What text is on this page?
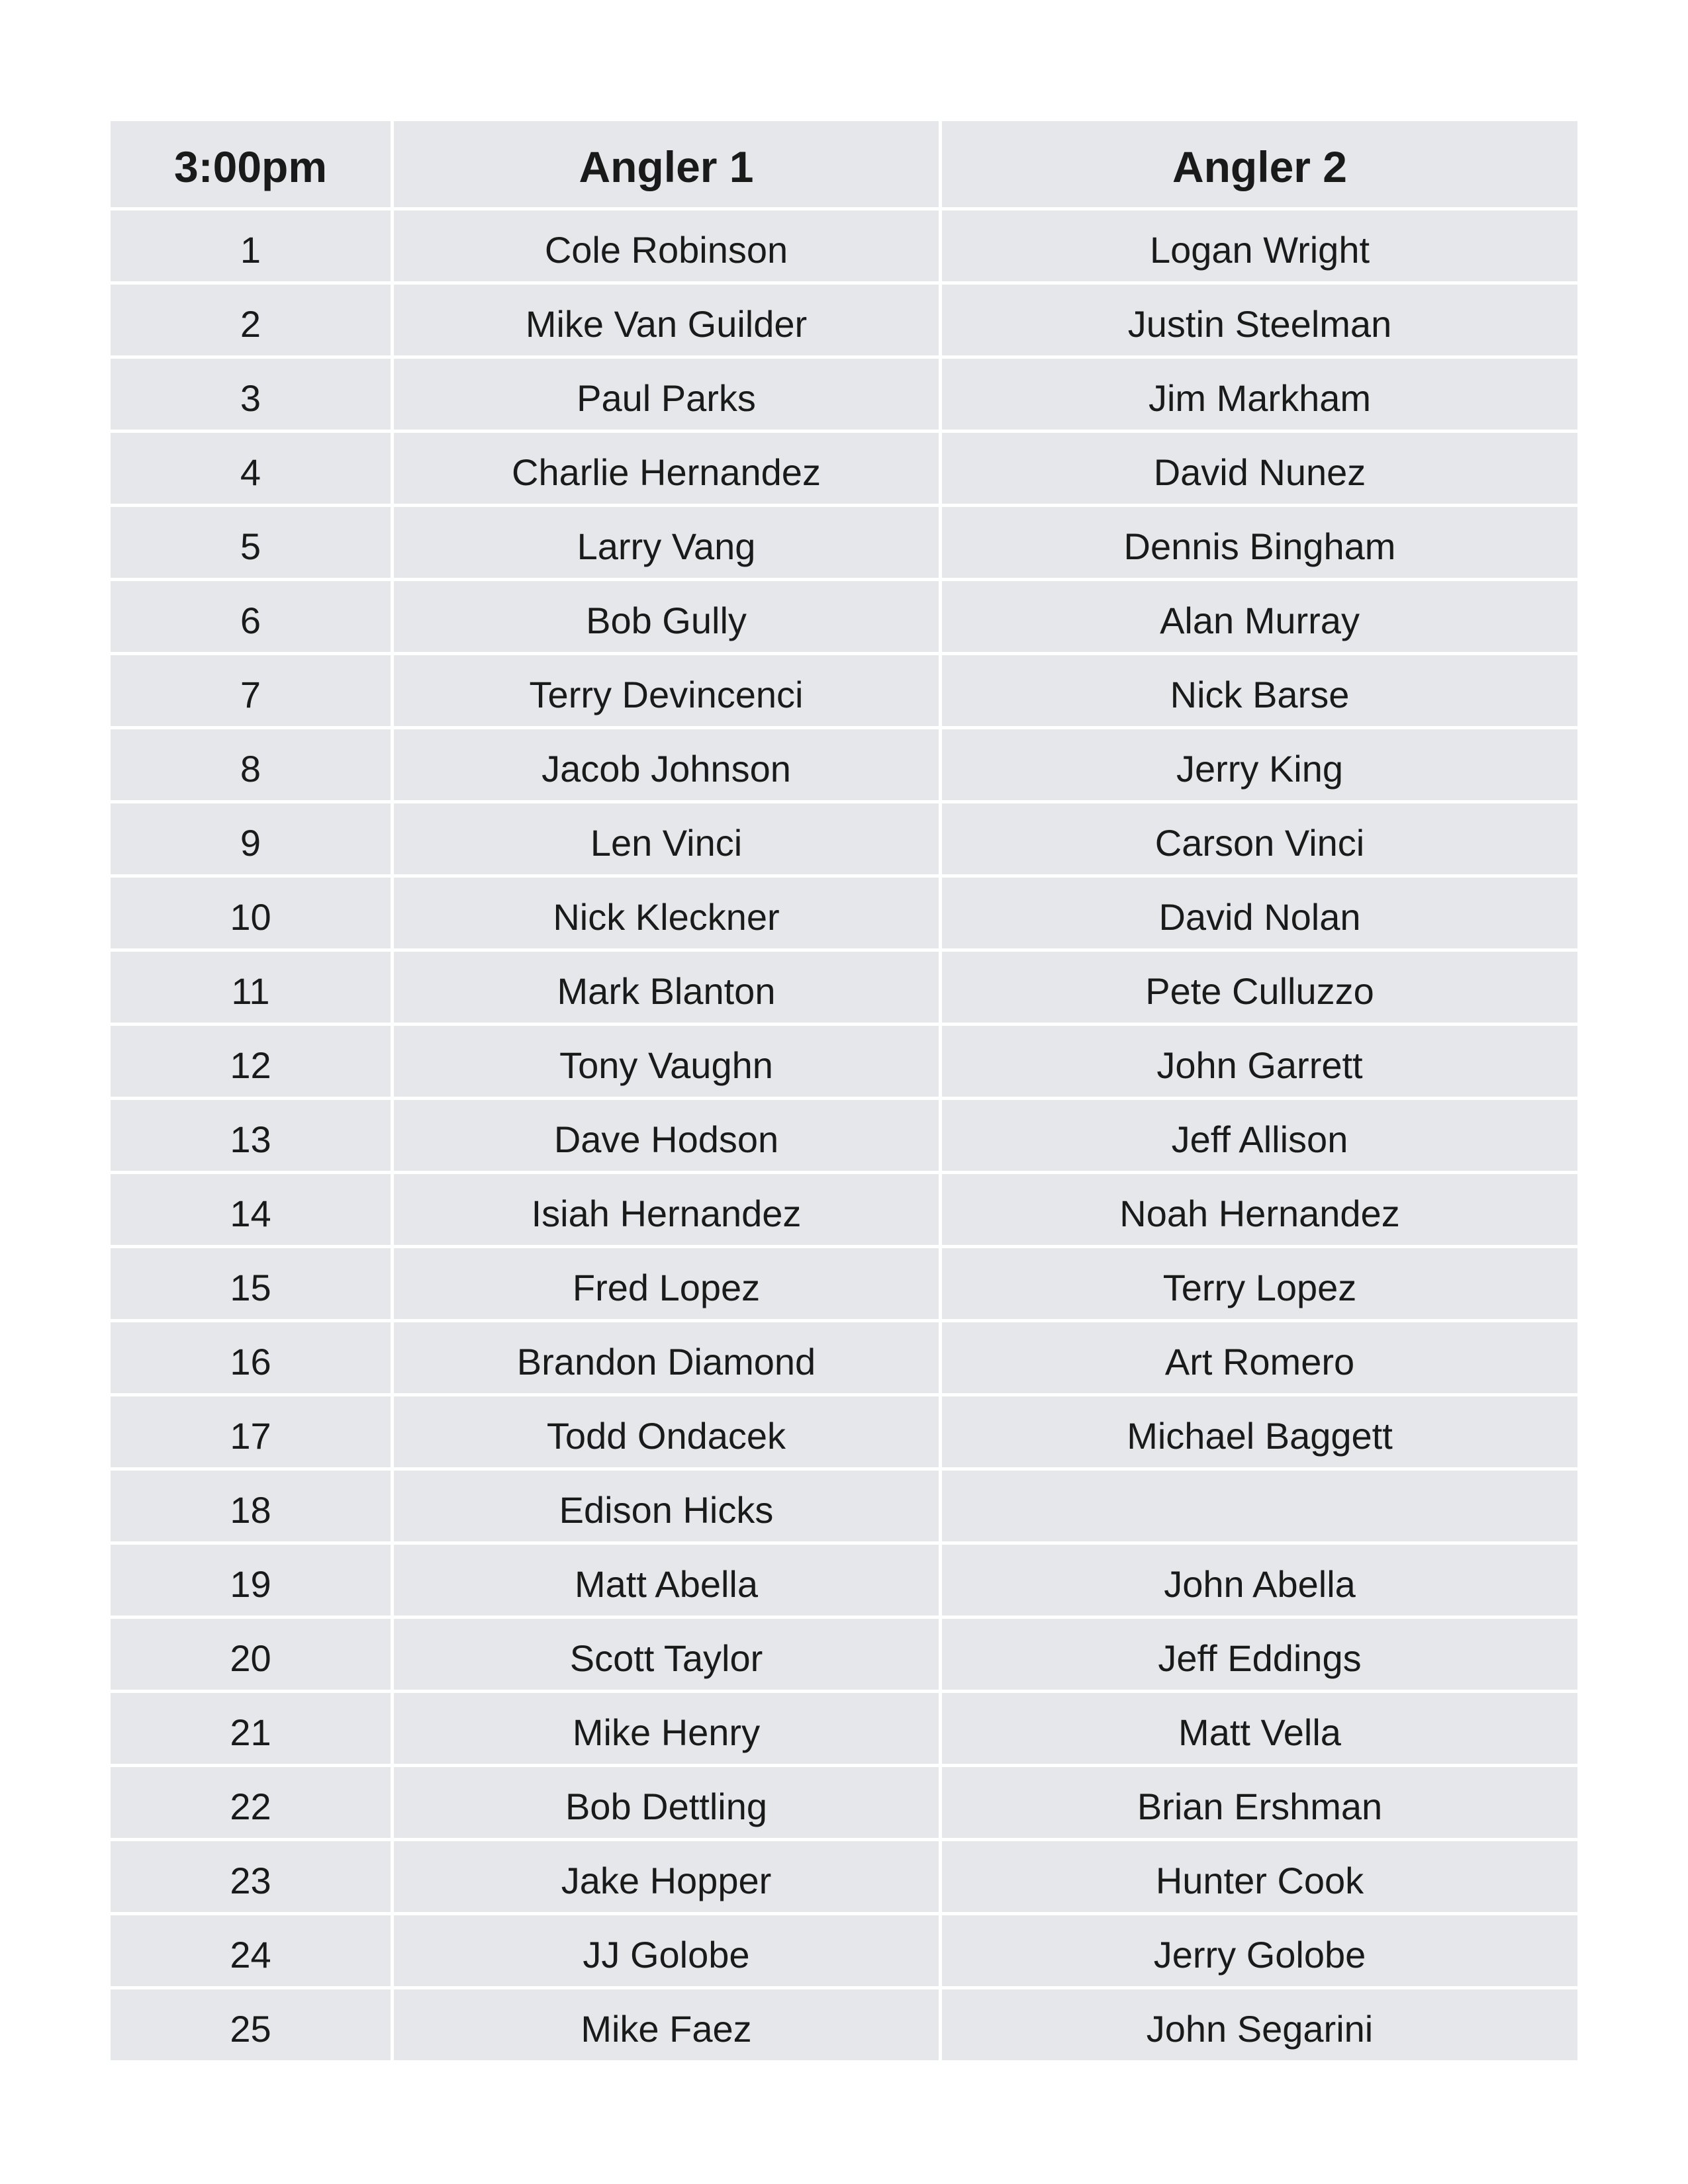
3:00pm	Angler 1	Angler 2
1	Cole Robinson	Logan Wright
2	Mike Van Guilder	Justin Steelman
3	Paul Parks	Jim Markham
4	Charlie Hernandez	David Nunez
5	Larry Vang	Dennis Bingham
6	Bob Gully	Alan Murray
7	Terry Devincenci	Nick Barse
8	Jacob Johnson	Jerry King
9	Len Vinci	Carson Vinci
10	Nick Kleckner	David Nolan
11	Mark Blanton	Pete Culluzzo
12	Tony Vaughn	John Garrett
13	Dave Hodson	Jeff Allison
14	Isiah Hernandez	Noah Hernandez
15	Fred Lopez	Terry Lopez
16	Brandon Diamond	Art Romero
17	Todd Ondacek	Michael Baggett
18	Edison Hicks
19	Matt Abella	John Abella
20	Scott Taylor	Jeff Eddings
21	Mike Henry	Matt Vella
22	Bob Dettling	Brian Ershman
23	Jake Hopper	Hunter Cook
24	JJ Golobe	Jerry Golobe
25	Mike Faez	John Segarini
